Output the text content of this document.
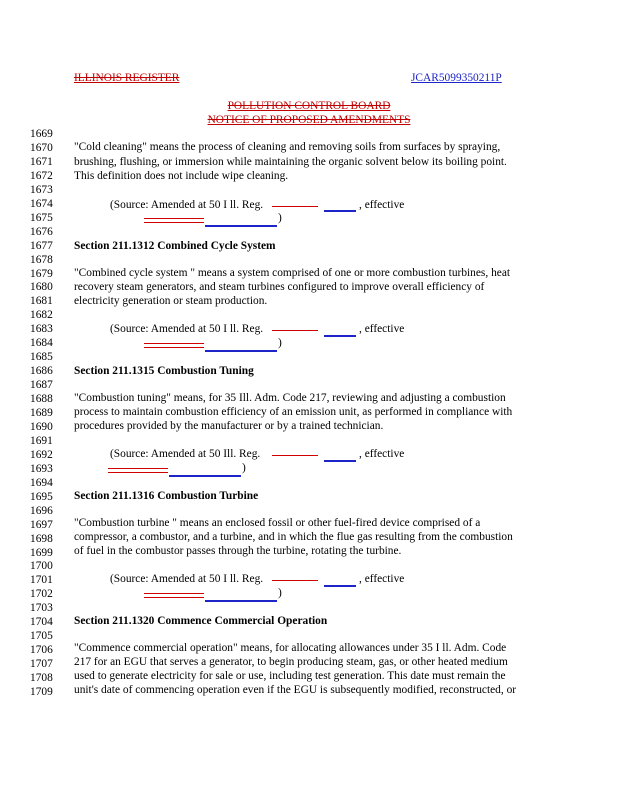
ILLINOIS REGISTER	JCAR5099350211P
POLLUTION CONTROL BOARD
NOTICE OF PROPOSED AMENDMENTS
1669
1670
1671
1672
1673
1674
1675
1676
1677
1678
1679
1680
1681
1682
1683
1684
1685
1686
1687
1688
1689
1690
1691
1692
1693
1694
1695
1696
1697
1698
1699
1700
1701
1702
1703
1704
1705
1706
1707
1708
1709
"Cold cleaning" means the process of cleaning and removing soils from surfaces by spraying,
brushing, flushing, or immersion while maintaining the organic solvent below its boiling point.
This definition does not include wipe cleaning.
(Source: Amended at 50 I ll. Reg.	, effective
)
Section 211.1312 Combined Cycle System
"Combined cycle system " means a system comprised of one or more combustion turbines, heat
recovery steam generators, and steam turbines configured to improve overall efficiency of
electricity generation or steam production.
(Source: Amended at 50 I ll. Reg.	, effective
)
Section 211.1315 Combustion Tuning
"Combustion tuning" means, for 35 Ill. Adm. Code 217, reviewing and adjusting a combustion
process to maintain combustion efficiency of an emission unit, as performed in compliance with
procedures provided by the manufacturer or by a trained technician.
(Source: Amended at 50 Ill. Reg.	, effective
)
Section 211.1316 Combustion Turbine
"Combustion turbine " means an enclosed fossil or other fuel-fired device comprised of a
compressor, a combustor, and a turbine, and in which the flue gas resulting from the combustion
of fuel in the combustor passes through the turbine, rotating the turbine.
(Source: Amended at 50 I ll. Reg.	, effective
)
Section 211.1320 Commence Commercial Operation
"Commence commercial operation" means, for allocating allowances under 35 I ll. Adm. Code
217 for an EGU that serves a generator, to begin producing steam, gas, or other heated medium
used to generate electricity for sale or use, including test generation. This date must remain the
unit's date of commencing operation even if the EGU is subsequently modified, reconstructed, or
